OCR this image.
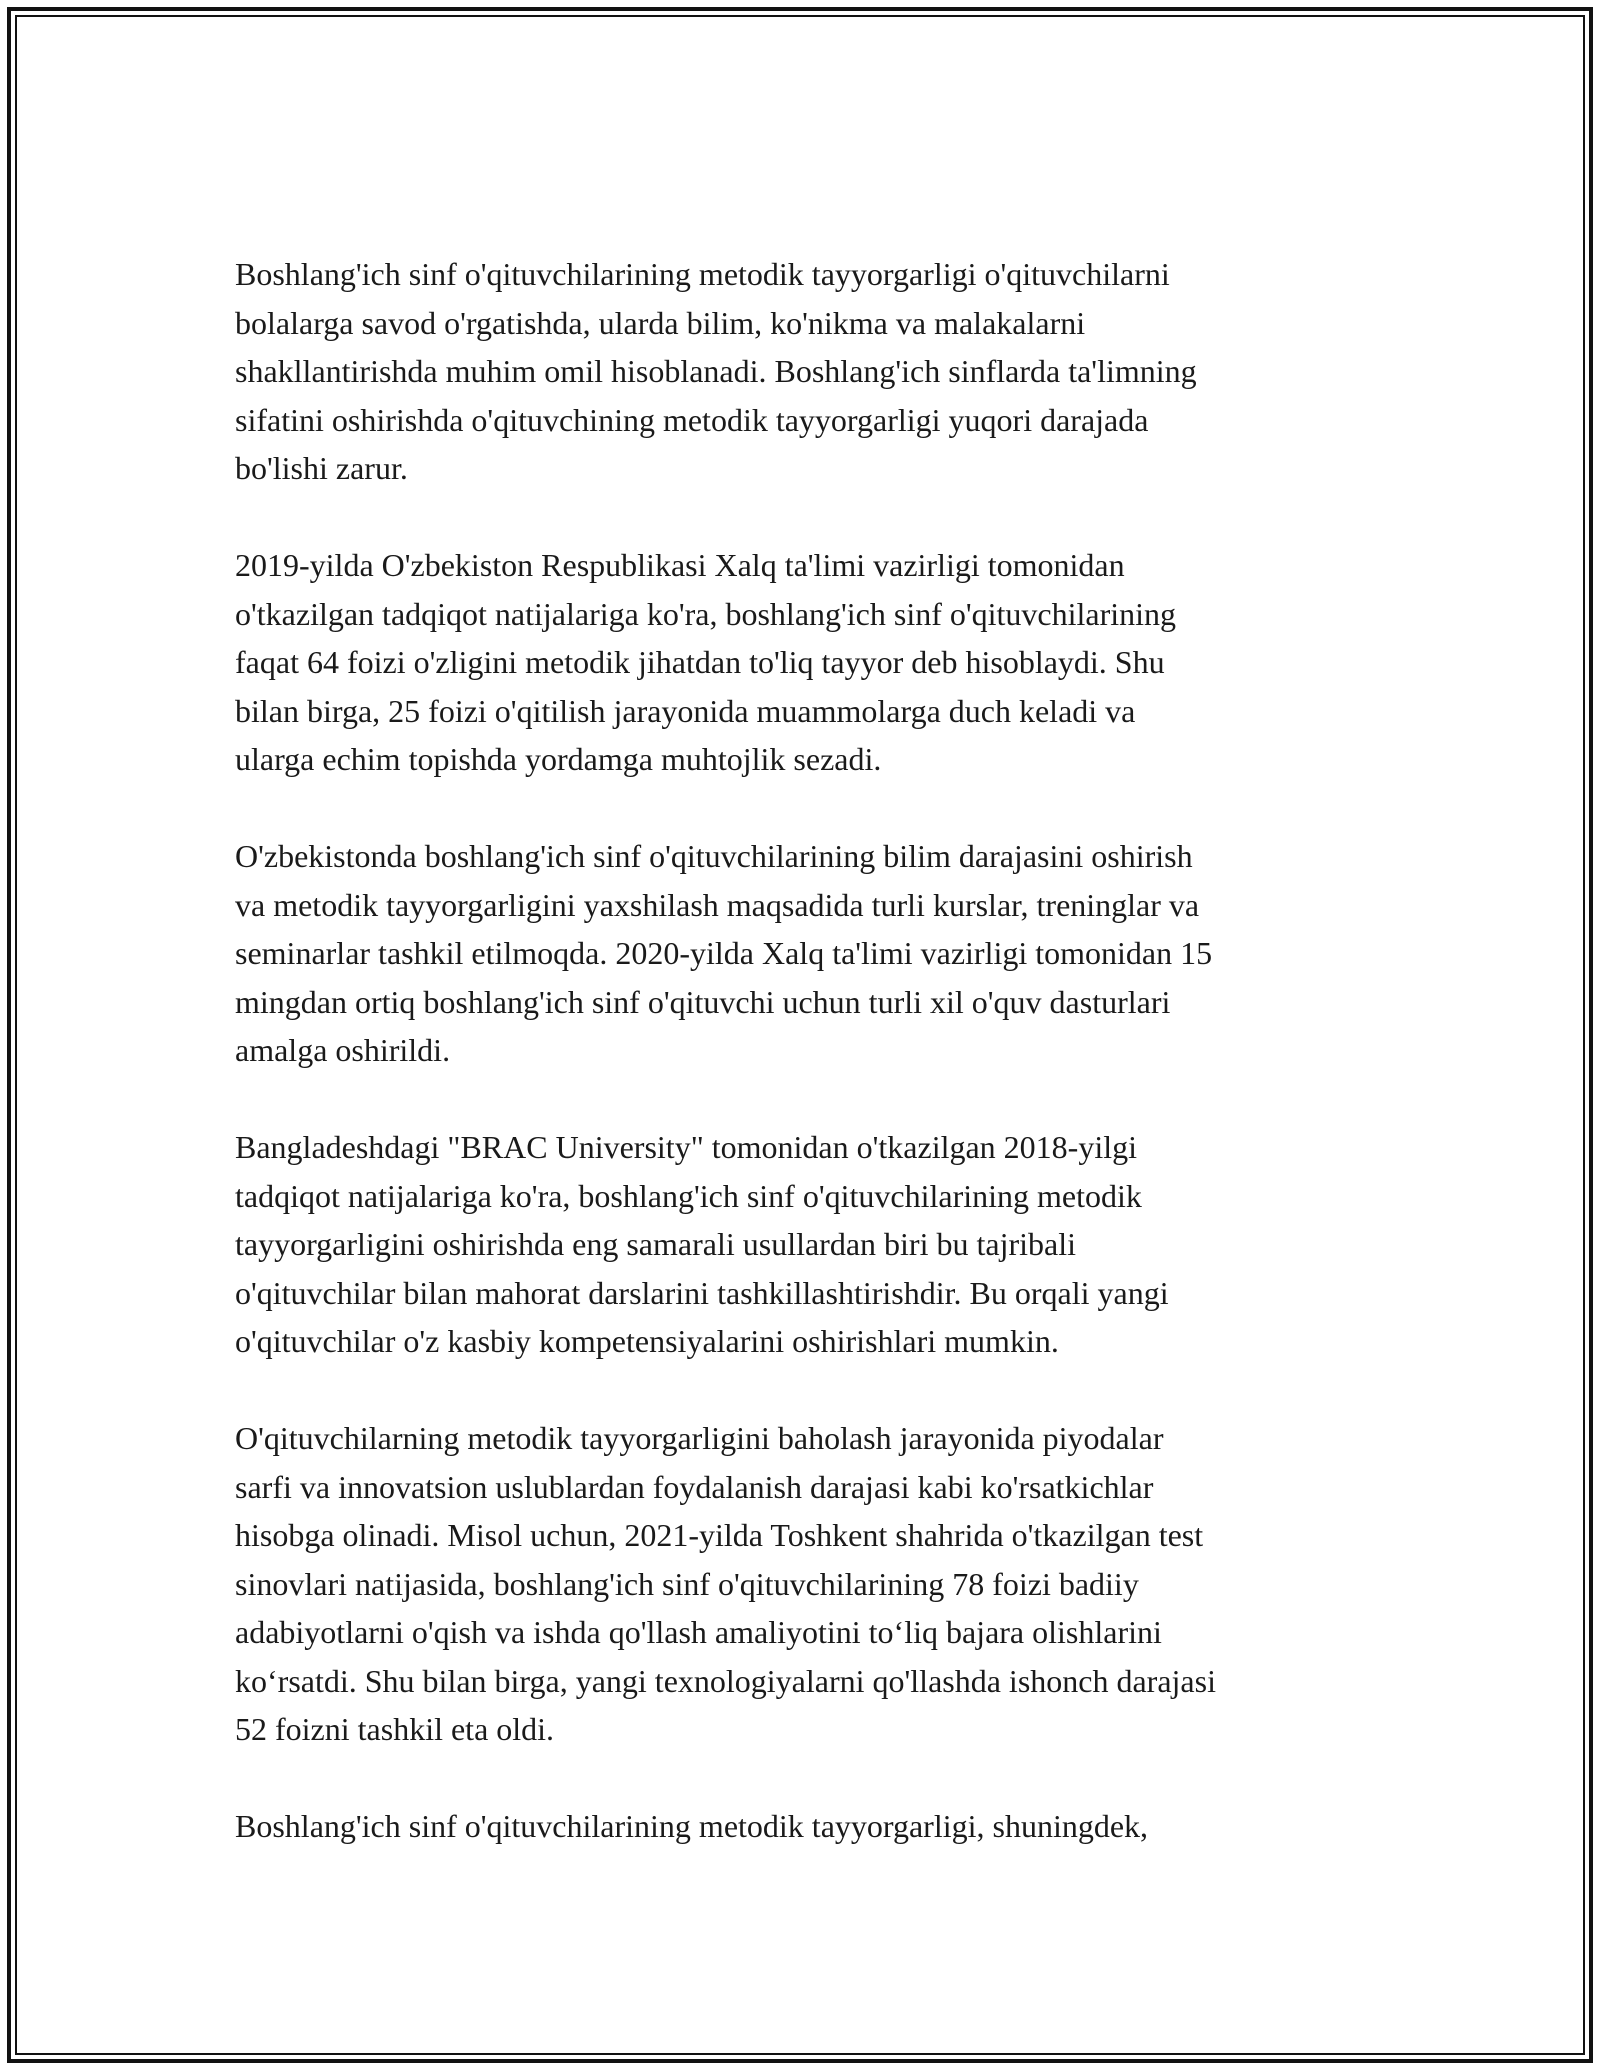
Boshlang'ich sinf o'qituvchilarining metodik tayyorgarligi o'qituvchilarni
bolalarga savod o'rgatishda, ularda bilim, ko'nikma va malakalarni
shakllantirishda muhim omil hisoblanadi. Boshlang'ich sinflarda ta'limning
sifatini oshirishda o'qituvchining metodik tayyorgarligi yuqori darajada
bo'lishi zarur.

2019-yilda O'zbekiston Respublikasi Xalq ta'limi vazirligi tomonidan
o'tkazilgan tadqiqot natijalariga ko'ra, boshlang'ich sinf o'qituvchilarining
faqat 64 foizi o'zligini metodik jihatdan to'liq tayyor deb hisoblaydi. Shu
bilan birga, 25 foizi o'qitilish jarayonida muammolarga duch keladi va
ularga echim topishda yordamga muhtojlik sezadi.

O'zbekistonda boshlang'ich sinf o'qituvchilarining bilim darajasini oshirish
va metodik tayyorgarligini yaxshilash maqsadida turli kurslar, treninglar va
seminarlar tashkil etilmoqda. 2020-yilda Xalq ta'limi vazirligi tomonidan 15
mingdan ortiq boshlang'ich sinf o'qituvchi uchun turli xil o'quv dasturlari
amalga oshirildi.

Bangladeshdagi "BRAC University" tomonidan o'tkazilgan 2018-yilgi
tadqiqot natijalariga ko'ra, boshlang'ich sinf o'qituvchilarining metodik
tayyorgarligini oshirishda eng samarali usullardan biri bu tajribali
o'qituvchilar bilan mahorat darslarini tashkillashtirishdir. Bu orqali yangi
o'qituvchilar o'z kasbiy kompetensiyalarini oshirishlari mumkin.

O'qituvchilarning metodik tayyorgarligini baholash jarayonida piyodalar
sarfi va innovatsion uslublardan foydalanish darajasi kabi ko'rsatkichlar
hisobga olinadi. Misol uchun, 2021-yilda Toshkent shahrida o'tkazilgan test
sinovlari natijasida, boshlang'ich sinf o'qituvchilarining 78 foizi badiiy
adabiyotlarni o'qish va ishda qo'llash amaliyotini to‘liq bajara olishlarini
ko‘rsatdi. Shu bilan birga, yangi texnologiyalarni qo'llashda ishonch darajasi
52 foizni tashkil eta oldi.

Boshlang'ich sinf o'qituvchilarining metodik tayyorgarligi, shuningdek,
